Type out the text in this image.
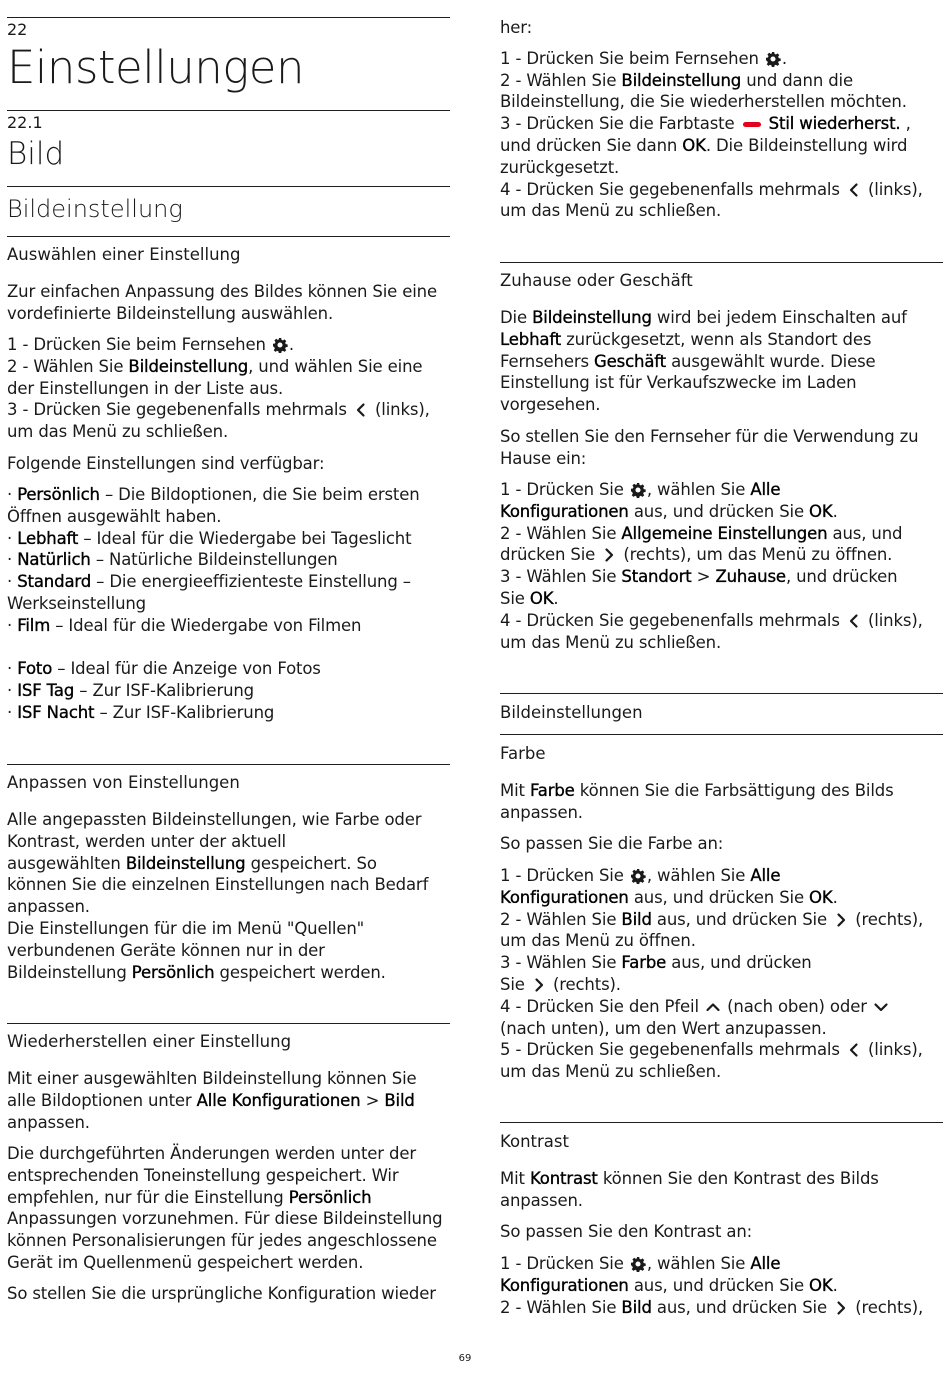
22
Einstellungen
22.1
Bild
Bildeinstellung
Auswählen einer Einstellung
Zur einfachen Anpassung des Bildes können Sie eine
vordefinierte Bildeinstellung auswählen.
1 - Drücken Sie beim Fernsehen .
2 - Wählen Sie Bildeinstellung, und wählen Sie eine
der Einstellungen in der Liste aus.
3 - Drücken Sie gegebenenfalls mehrmals  (links),
um das Menü zu schließen.
Folgende Einstellungen sind verfügbar:
· Persönlich – Die Bildoptionen, die Sie beim ersten
Öffnen ausgewählt haben.
· Lebhaft – Ideal für die Wiedergabe bei Tageslicht
· Natürlich – Natürliche Bildeinstellungen
· Standard – Die energieeffizienteste Einstellung –
Werkseinstellung
· Film – Ideal für die Wiedergabe von Filmen
· Foto – Ideal für die Anzeige von Fotos
· ISF Tag – Zur ISF-Kalibrierung
· ISF Nacht – Zur ISF-Kalibrierung
Anpassen von Einstellungen
Alle angepassten Bildeinstellungen, wie Farbe oder
Kontrast, werden unter der aktuell
ausgewählten Bildeinstellung gespeichert. So
können Sie die einzelnen Einstellungen nach Bedarf
anpassen.
Die Einstellungen für die im Menü "Quellen"
verbundenen Geräte können nur in der
Bildeinstellung Persönlich gespeichert werden.
Wiederherstellen einer Einstellung
Mit einer ausgewählten Bildeinstellung können Sie
alle Bildoptionen unter Alle Konfigurationen > Bild
anpassen.
Die durchgeführten Änderungen werden unter der
entsprechenden Toneinstellung gespeichert. Wir
empfehlen, nur für die Einstellung Persönlich
Anpassungen vorzunehmen. Für diese Bildeinstellung
können Personalisierungen für jedes angeschlossene
Gerät im Quellenmenü gespeichert werden.
So stellen Sie die ursprüngliche Konfiguration wieder
her:
1 - Drücken Sie beim Fernsehen .
2 - Wählen Sie Bildeinstellung und dann die
Bildeinstellung, die Sie wiederherstellen möchten.
3 - Drücken Sie die Farbtaste  Stil wiederherst. ,
und drücken Sie dann OK. Die Bildeinstellung wird
zurückgesetzt.
4 - Drücken Sie gegebenenfalls mehrmals  (links),
um das Menü zu schließen.
Zuhause oder Geschäft
Die Bildeinstellung wird bei jedem Einschalten auf
Lebhaft zurückgesetzt, wenn als Standort des
Fernsehers Geschäft ausgewählt wurde. Diese
Einstellung ist für Verkaufszwecke im Laden
vorgesehen.
So stellen Sie den Fernseher für die Verwendung zu
Hause ein:
1 - Drücken Sie , wählen Sie Alle
Konfigurationen aus, und drücken Sie OK.
2 - Wählen Sie Allgemeine Einstellungen aus, und
drücken Sie  (rechts), um das Menü zu öffnen.
3 - Wählen Sie Standort > Zuhause, und drücken
Sie OK.
4 - Drücken Sie gegebenenfalls mehrmals  (links),
um das Menü zu schließen.
Bildeinstellungen
Farbe
Mit Farbe können Sie die Farbsättigung des Bilds
anpassen.
So passen Sie die Farbe an:
1 - Drücken Sie , wählen Sie Alle
Konfigurationen aus, und drücken Sie OK.
2 - Wählen Sie Bild aus, und drücken Sie  (rechts),
um das Menü zu öffnen.
3 - Wählen Sie Farbe aus, und drücken
Sie  (rechts).
4 - Drücken Sie den Pfeil  (nach oben) oder
(nach unten), um den Wert anzupassen.
5 - Drücken Sie gegebenenfalls mehrmals  (links),
um das Menü zu schließen.
Kontrast
Mit Kontrast können Sie den Kontrast des Bilds
anpassen.
So passen Sie den Kontrast an:
1 - Drücken Sie , wählen Sie Alle
Konfigurationen aus, und drücken Sie OK.
2 - Wählen Sie Bild aus, und drücken Sie  (rechts),
69
